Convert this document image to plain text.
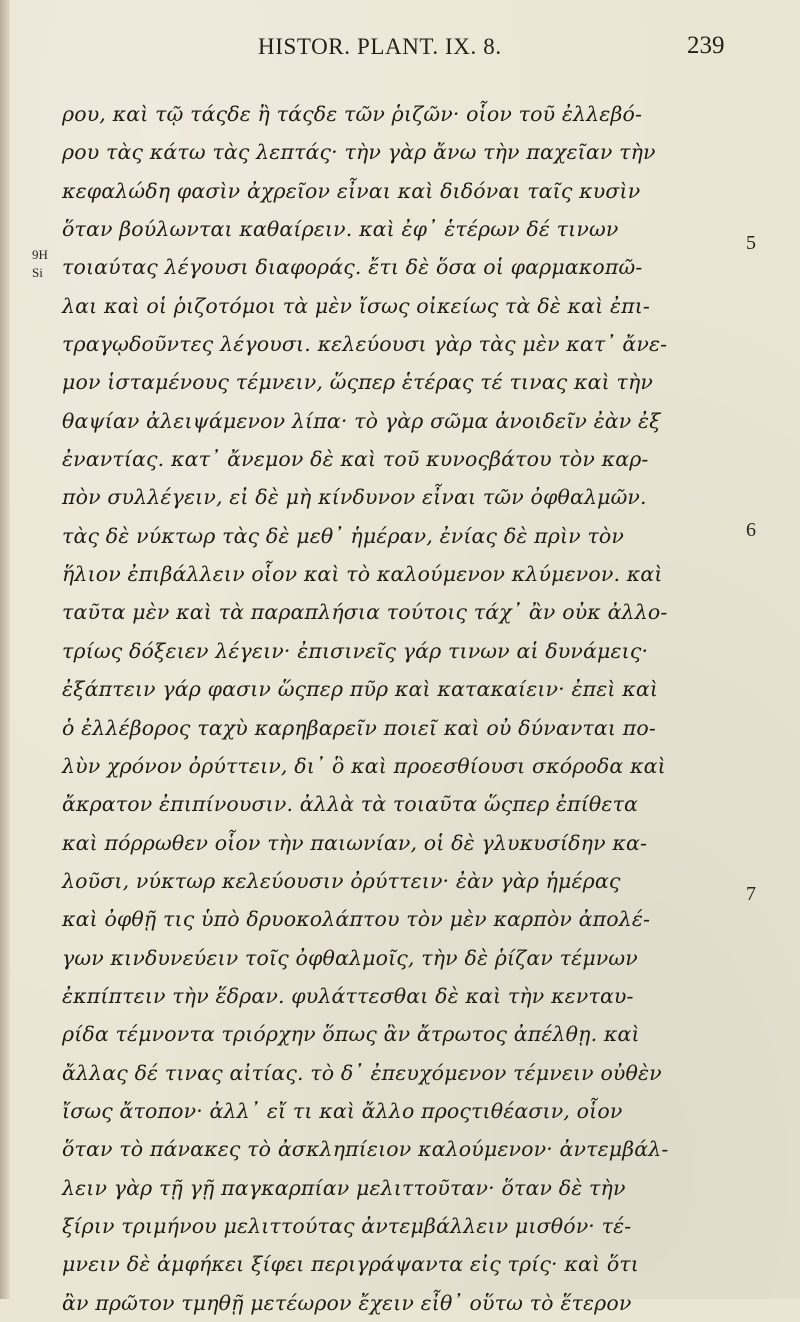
HISTOR. PLANT. IX. 8.	239
9H
Si
5
6
7
ρου, καὶ τῷ τάςδε ἢ τάςδε τῶν ῥιζῶν· οἷον τοῦ ἐλλεβό-
ρου τὰς κάτω τὰς λεπτάς· τὴν γὰρ ἄνω τὴν παχεῖαν τὴν
κεφαλώδη φασὶν ἀχρεῖον εἶναι καὶ διδόναι ταῖς κυσὶν
ὅταν βούλωνται καθαίρειν. καὶ ἐφ᾽ ἑτέρων δέ τινων
τοιαύτας λέγουσι διαφοράς. ἔτι δὲ ὅσα οἱ φαρμακοπῶ-
λαι καὶ οἱ ῥιζοτόμοι τὰ μὲν ἴσως οἰκείως τὰ δὲ καὶ ἐπι-
τραγῳδοῦντες λέγουσι. κελεύουσι γὰρ τὰς μὲν κατ᾽ ἄνε-
μον ἱσταμένους τέμνειν, ὥςπερ ἑτέρας τέ τινας καὶ τὴν
θαψίαν ἀλειψάμενον λίπα· τὸ γὰρ σῶμα ἀνοιδεῖν ἐὰν ἐξ
ἐναντίας. κατ᾽ ἄνεμον δὲ καὶ τοῦ κυνοςβάτου τὸν καρ-
πὸν συλλέγειν, εἰ δὲ μὴ κίνδυνον εἶναι τῶν ὀφθαλμῶν.
τὰς δὲ νύκτωρ τὰς δὲ μεθ᾽ ἡμέραν, ἐνίας δὲ πρὶν τὸν
ἥλιον ἐπιβάλλειν οἷον καὶ τὸ καλούμενον κλύμενον. καὶ
ταῦτα μὲν καὶ τὰ παραπλήσια τούτοις τάχ᾽ ἂν οὐκ ἀλλο-
τρίως δόξειεν λέγειν· ἐπισινεῖς γάρ τινων αἱ δυνάμεις·
ἐξάπτειν γάρ φασιν ὥςπερ πῦρ καὶ κατακαίειν· ἐπεὶ καὶ
ὁ ἐλλέβορος ταχὺ καρηβαρεῖν ποιεῖ καὶ οὐ δύνανται πο-
λὺν χρόνον ὀρύττειν, δι᾽ ὃ καὶ προεσθίουσι σκόροδα καὶ
ἄκρατον ἐπιπίνουσιν. ἀλλὰ τὰ τοιαῦτα ὥςπερ ἐπίθετα
καὶ πόρρωθεν οἷον τὴν παιωνίαν, οἱ δὲ γλυκυσίδην κα-
λοῦσι, νύκτωρ κελεύουσιν ὀρύττειν· ἐὰν γὰρ ἡμέρας
καὶ ὀφθῇ τις ὑπὸ δρυοκολάπτου τὸν μὲν καρπὸν ἀπολέ-
γων κινδυνεύειν τοῖς ὀφθαλμοῖς, τὴν δὲ ῥίζαν τέμνων
ἐκπίπτειν τὴν ἕδραν. φυλάττεσθαι δὲ καὶ τὴν κενταυ-
ρίδα τέμνοντα τριόρχην ὅπως ἂν ἄτρωτος ἀπέλθῃ. καὶ
ἄλλας δέ τινας αἰτίας. τὸ δ᾽ ἐπευχόμενον τέμνειν οὐθὲν
ἴσως ἄτοπον· ἀλλ᾽ εἴ τι καὶ ἄλλο προςτιθέασιν, οἷον
ὅταν τὸ πάνακες τὸ ἀσκληπίειον καλούμενον· ἀντεμβάλ-
λειν γὰρ τῇ γῇ παγκαρπίαν μελιττοῦταν· ὅταν δὲ τὴν
ξίριν τριμήνου μελιττούτας ἀντεμβάλλειν μισθόν· τέ-
μνειν δὲ ἀμφήκει ξίφει περιγράψαντα εἰς τρίς· καὶ ὅτι
ἂν πρῶτον τμηθῇ μετέωρον ἔχειν εἶθ᾽ οὕτω τὸ ἕτερον
